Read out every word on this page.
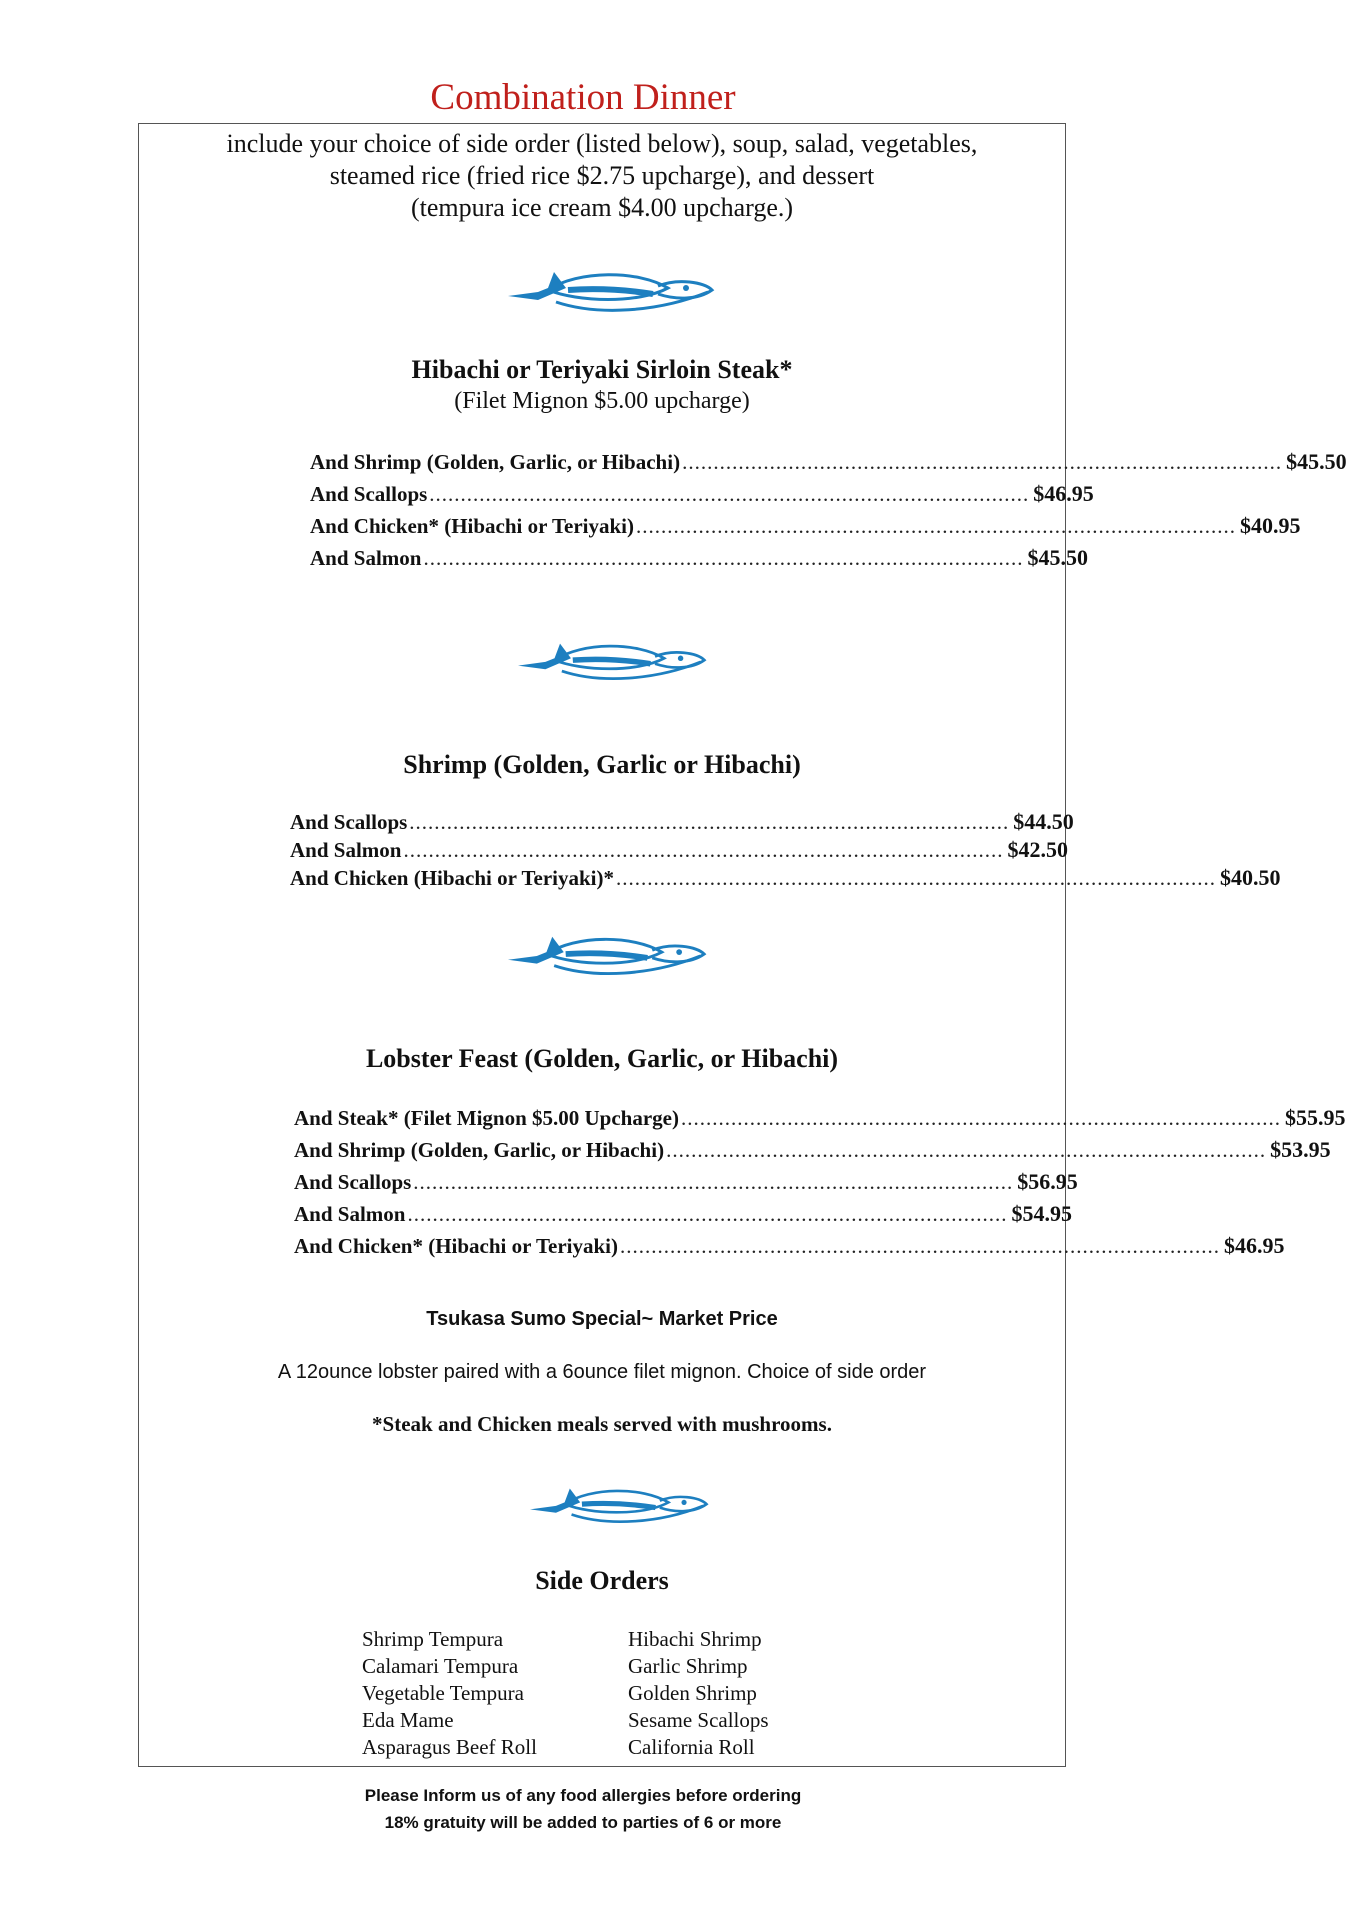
Combination Dinner
include your choice of side order (listed below), soup, salad, vegetables,
steamed rice (fried rice $2.75 upcharge), and dessert
(tempura ice cream $4.00 upcharge.)
Hibachi or Teriyaki Sirloin Steak*
(Filet Mignon $5.00 upcharge)
And Shrimp (Golden, Garlic, or Hibachi) ................................................................................................ $45.50
And Scallops ................................................................................................ $46.95
And Chicken* (Hibachi or Teriyaki) ................................................................................................ $40.95
And Salmon ................................................................................................ $45.50
Shrimp (Golden, Garlic or Hibachi)
And Scallops ................................................................................................ $44.50
And Salmon ................................................................................................ $42.50
And Chicken (Hibachi or Teriyaki)* ................................................................................................ $40.50
Lobster Feast (Golden, Garlic, or Hibachi)
And Steak* (Filet Mignon $5.00 Upcharge) ................................................................................................ $55.95
And Shrimp (Golden, Garlic, or Hibachi) ................................................................................................ $53.95
And Scallops ................................................................................................ $56.95
And Salmon ................................................................................................ $54.95
And Chicken* (Hibachi or Teriyaki) ................................................................................................ $46.95
Tsukasa Sumo Special~ Market Price
A 12ounce lobster paired with a 6ounce filet mignon. Choice of side order
*Steak and Chicken meals served with mushrooms.
Side Orders
Shrimp Tempura
Calamari Tempura
Vegetable Tempura
Eda Mame
Asparagus Beef Roll
Hibachi Shrimp
Garlic Shrimp
Golden Shrimp
Sesame Scallops
California Roll
Please Inform us of any food allergies before ordering
18% gratuity will be added to parties of 6 or more
